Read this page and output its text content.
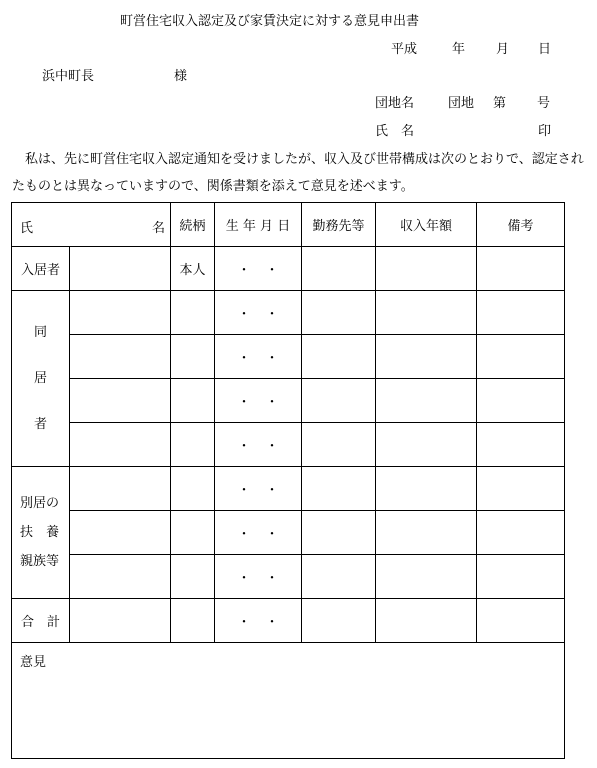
町営住宅収入認定及び家賃決定に対する意見申出書
平成	年 月 日
浜中町長	様
団地名	団地 第 号
氏　名	印
　私は、先に町営住宅収入認定通知を受けましたが、収入及び世帯構成は次のとおりで、認定されたものとは異なっていますので、関係書類を添えて意見を述べます。
氏 名		続柄	生 年 月 日	勤務先等	収入年額	備考
入居者		本人	・ ・			

同
居
者			・ ・			
			・ ・			
			・ ・			
			・ ・			

別居の
扶　養
親族等			・ ・			
			・ ・			
			・ ・			
合　計			・ ・			
意見						
